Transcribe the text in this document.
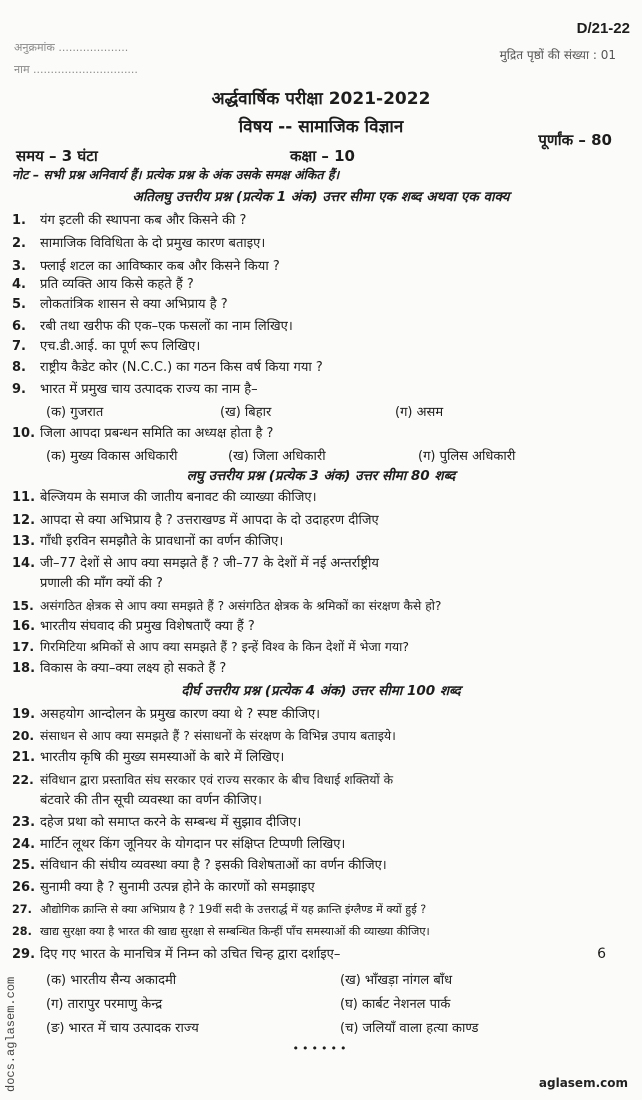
D/21-22
अनुक्रमांक ....................
नाम ..............................
मुद्रित पृष्ठों की संख्या : 01
अर्द्धवार्षिक परीक्षा 2021-2022
विषय -- सामाजिक विज्ञान
समय – 3 घंटा	कक्षा – 10
पूर्णांक – 80
नोट – सभी प्रश्न अनिवार्य हैं। प्रत्येक प्रश्न के अंक उसके समक्ष अंकित हैं।
अतिलघु उत्तरीय प्रश्न (प्रत्येक 1 अंक) उत्तर सीमा एक शब्द अथवा एक वाक्य
1. यंग इटली की स्थापना कब और किसने की ?
2. सामाजिक विविधिता के दो प्रमुख कारण बताइए।
3. फ्लाई शटल का आविष्कार कब और किसने किया ?
4. प्रति व्यक्ति आय किसे कहते हैं ?
5. लोकतांत्रिक शासन से क्या अभिप्राय है ?
6. रबी तथा खरीफ की एक–एक फसलों का नाम लिखिए।
7. एच.डी.आई. का पूर्ण रूप लिखिए।
8. राष्ट्रीय कैडेट कोर (N.C.C.) का गठन किस वर्ष किया गया ?
9. भारत में प्रमुख चाय उत्पादक राज्य का नाम है–
(क) गुजरात	(ख) बिहार	(ग) असम
10. जिला आपदा प्रबन्धन समिति का अध्यक्ष होता है ?
(क) मुख्य विकास अधिकारी	(ख) जिला अधिकारी	(ग) पुलिस अधिकारी
लघु उत्तरीय प्रश्न (प्रत्येक 3 अंक) उत्तर सीमा 80 शब्द
11. बेल्जियम के समाज की जातीय बनावट की व्याख्या कीजिए।
12. आपदा से क्या अभिप्राय है ? उत्तराखण्ड में आपदा के दो उदाहरण दीजिए
13. गाँधी इरविन समझौते के प्रावधानों का वर्णन कीजिए।
14. जी–77 देशों से आप क्या समझते हैं ? जी–77 के देशों में नई अन्तर्राष्ट्रीय
प्रणाली की माँग क्यों की ?
15. असंगठित क्षेत्रक से आप क्या समझते हैं ? असंगठित क्षेत्रक के श्रमिकों का संरक्षण कैसे हो?
16. भारतीय संघवाद की प्रमुख विशेषताएँ क्या हैं ?
17. गिरमिटिया श्रमिकों से आप क्या समझते हैं ? इन्हें विश्व के किन देशों में भेजा गया?
18. विकास के क्या–क्या लक्ष्य हो सकते हैं ?
दीर्घ उत्तरीय प्रश्न (प्रत्येक 4 अंक) उत्तर सीमा 100 शब्द
19. असहयोग आन्दोलन के प्रमुख कारण क्या थे ? स्पष्ट कीजिए।
20. संसाधन से आप क्या समझते हैं ? संसाधनों के संरक्षण के विभिन्न उपाय बताइये।
21. भारतीय कृषि की मुख्य समस्याओं के बारे में लिखिए।
22. संविधान द्वारा प्रस्तावित संघ सरकार एवं राज्य सरकार के बीच विधाई शक्तियों के
बंटवारे की तीन सूची व्यवस्था का वर्णन कीजिए।
23. दहेज प्रथा को समाप्त करने के सम्बन्ध में सुझाव दीजिए।
24. मार्टिन लूथर किंग जूनियर के योगदान पर संक्षिप्त टिप्पणी लिखिए।
25. संविधान की संघीय व्यवस्था क्या है ? इसकी विशेषताओं का वर्णन कीजिए।
26. सुनामी क्या है ? सुनामी उत्पन्न होने के कारणों को समझाइए
27. औद्योगिक क्रान्ति से क्या अभिप्राय है ? 19वीं सदी के उत्तरार्द्ध में यह क्रान्ति इंग्लैण्ड में क्यों हुई ?
28. खाद्य सुरक्षा क्या है भारत की खाद्य सुरक्षा से सम्बन्धित किन्हीं पाँच समस्याओं की व्याख्या कीजिए।
29. दिए गए भारत के मानचित्र में निम्न को उचित चिन्ह द्वारा दर्शाइए–	6
(क) भारतीय सैन्य अकादमी	(ख) भाँखड़ा नांगल बाँध
(ग) तारापुर परमाणु केन्द्र	(घ) कार्बट नेशनल पार्क
(ङ) भारत में चाय उत्पादक राज्य	(च) जलियाँ वाला हत्या काण्ड
••••••
docs.aglasem.com	aglasem.com
